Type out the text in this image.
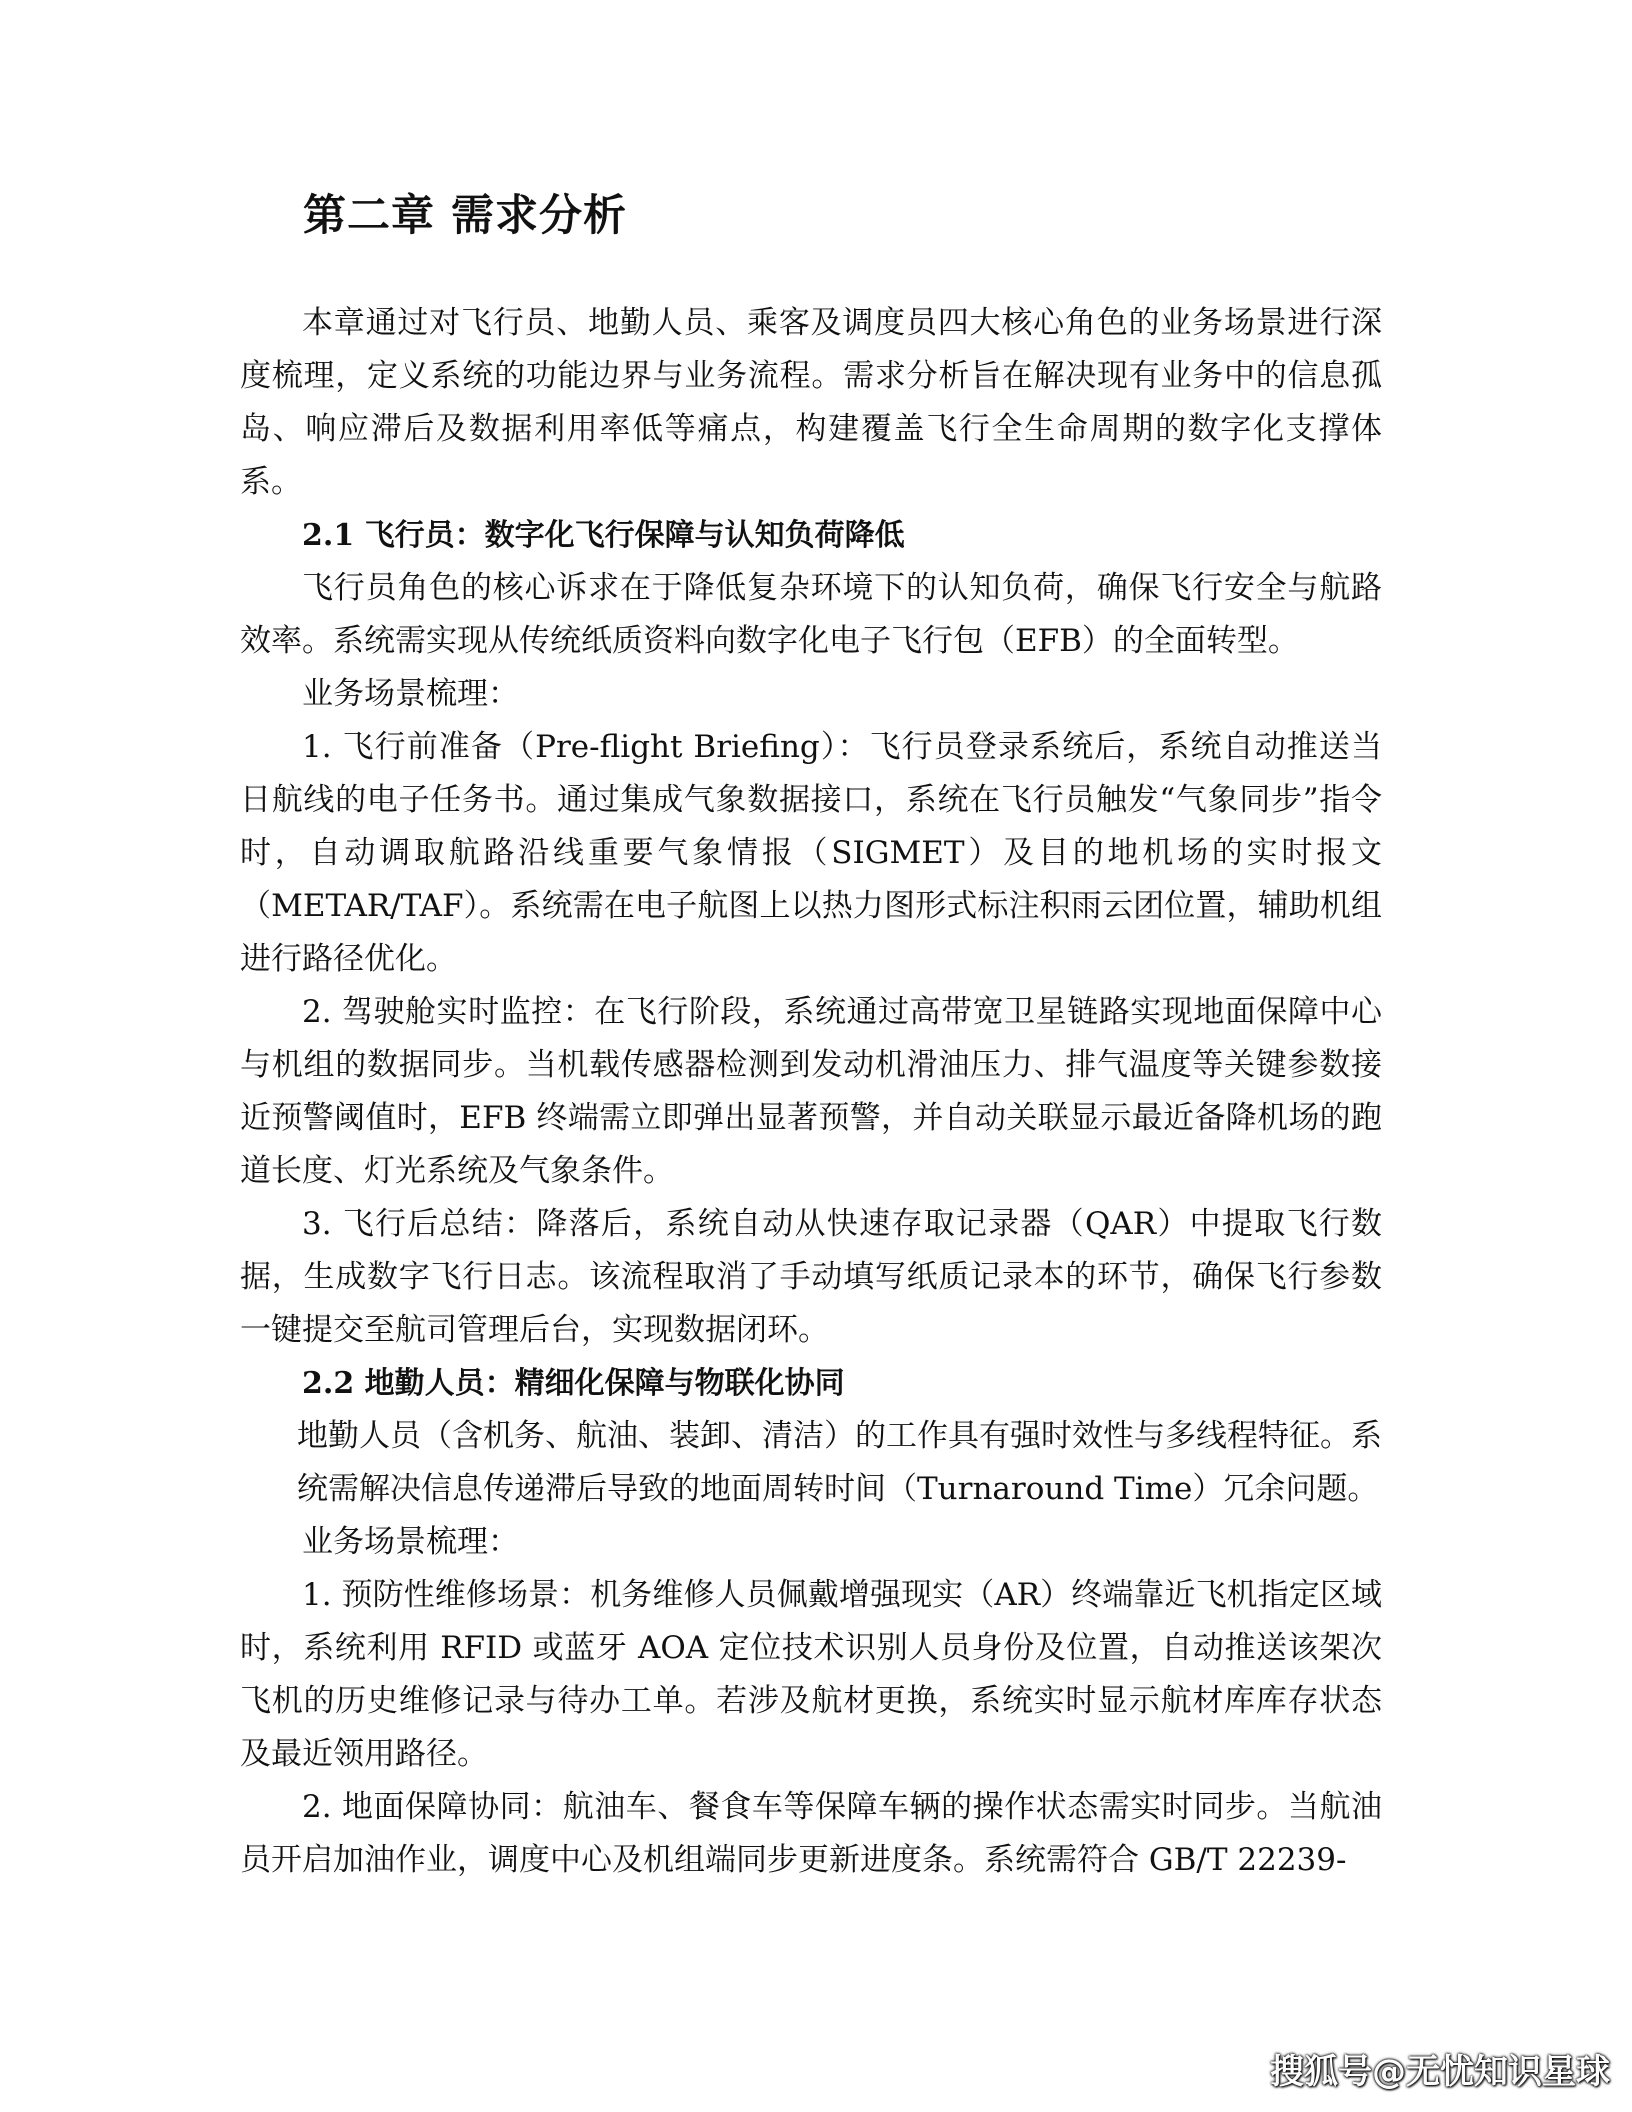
第二章 需求分析

本章通过对飞行员、地勤人员、乘客及调度员四大核心角色的业务场景进行深度梳理，定义系统的功能边界与业务流程。需求分析旨在解决现有业务中的信息孤岛、响应滞后及数据利用率低等痛点，构建覆盖飞行全生命周期的数字化支撑体系。

2.1 飞行员：数字化飞行保障与认知负荷降低

飞行员角色的核心诉求在于降低复杂环境下的认知负荷，确保飞行安全与航路效率。系统需实现从传统纸质资料向数字化电子飞行包（EFB）的全面转型。

业务场景梳理：

1. 飞行前准备（Pre-flight Briefing）：飞行员登录系统后，系统自动推送当日航线的电子任务书。通过集成气象数据接口，系统在飞行员触发“气象同步”指令时，自动调取航路沿线重要气象情报（SIGMET）及目的地机场的实时报文（METAR/TAF）。系统需在电子航图上以热力图形式标注积雨云团位置，辅助机组进行路径优化。

2. 驾驶舱实时监控：在飞行阶段，系统通过高带宽卫星链路实现地面保障中心与机组的数据同步。当机载传感器检测到发动机滑油压力、排气温度等关键参数接近预警阈值时，EFB 终端需立即弹出显著预警，并自动关联显示最近备降机场的跑道长度、灯光系统及气象条件。

3. 飞行后总结：降落后，系统自动从快速存取记录器（QAR）中提取飞行数据，生成数字飞行日志。该流程取消了手动填写纸质记录本的环节，确保飞行参数一键提交至航司管理后台，实现数据闭环。

2.2 地勤人员：精细化保障与物联化协同

地勤人员（含机务、航油、装卸、清洁）的工作具有强时效性与多线程特征。系统需解决信息传递滞后导致的地面周转时间（Turnaround Time）冗余问题。

业务场景梳理：

1. 预防性维修场景：机务维修人员佩戴增强现实（AR）终端靠近飞机指定区域时，系统利用 RFID 或蓝牙 AOA 定位技术识别人员身份及位置，自动推送该架次飞机的历史维修记录与待办工单。若涉及航材更换，系统实时显示航材库库存状态及最近领用路径。

2. 地面保障协同：航油车、餐食车等保障车辆的操作状态需实时同步。当航油员开启加油作业，调度中心及机组端同步更新进度条。系统需符合 GB/T 22239-

搜狐号@无忧知识星球
